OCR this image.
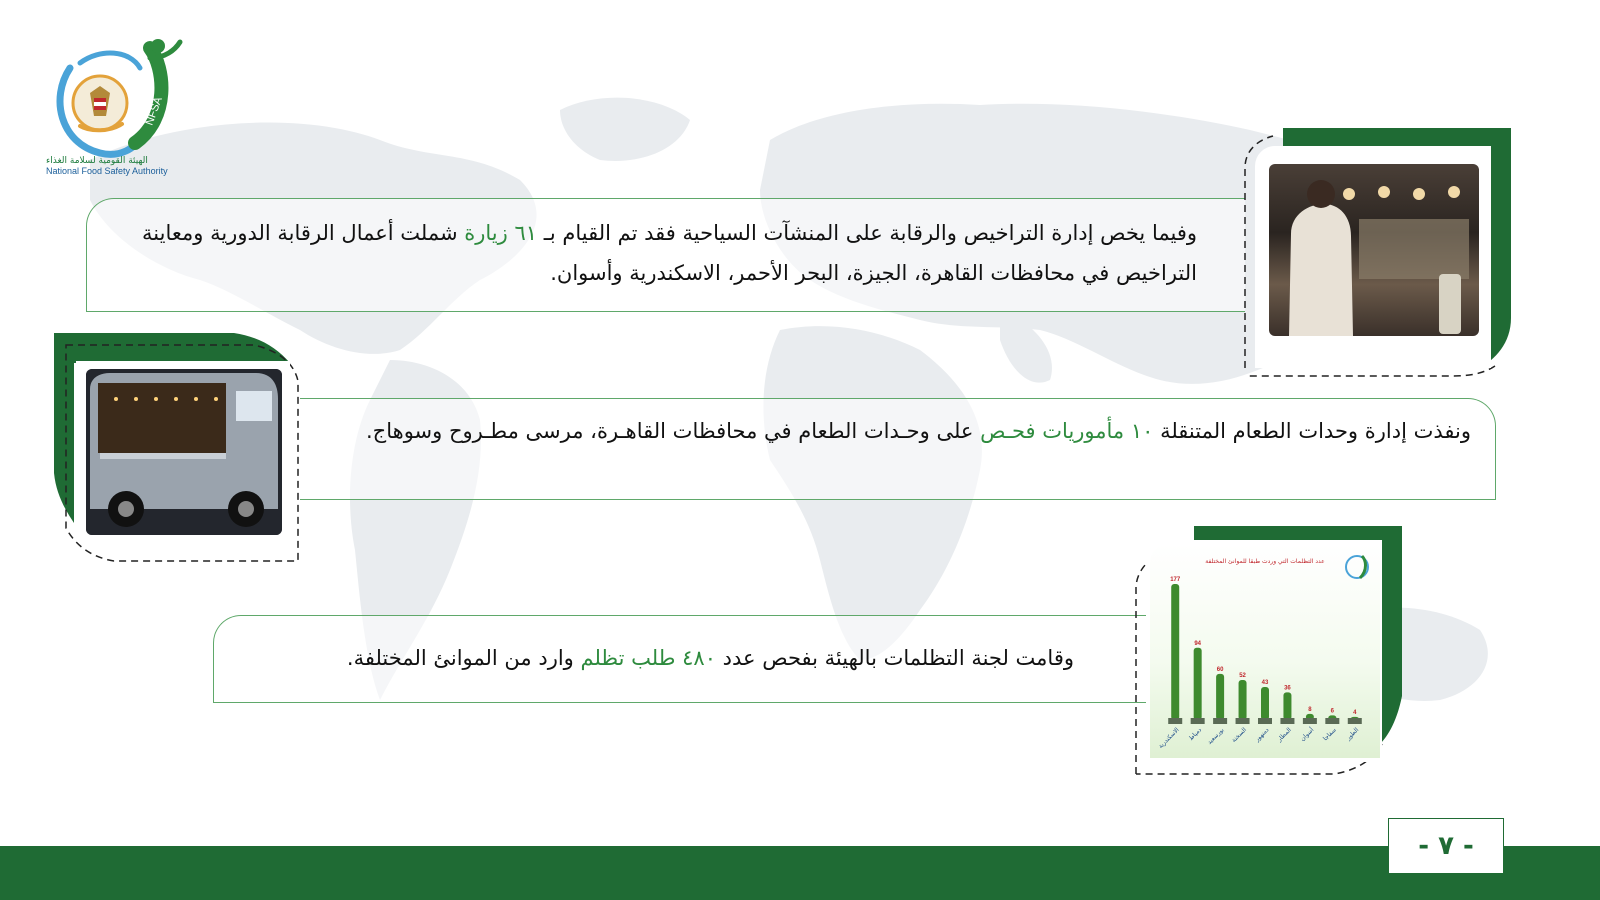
NFSA
الهيئة القومية لسلامة الغذاء
National Food Safety Authority

وفيما يخص إدارة التراخيص والرقابة على المنشآت السياحية فقد تم القيام بـ ٦١ زيارة شملت أعمال الرقابة الدورية ومعاينة التراخيص في محافظات القاهرة، الجيزة، البحر الأحمر، الاسكندرية وأسوان.

ونفذت إدارة وحدات الطعام المتنقلة ١٠ مأموريات فحـص على وحـدات الطعام في محافظات القاهـرة، مرسى مطـروح وسوهاج.

وقامت لجنة التظلمات بالهيئة بفحص عدد ٤٨٠ طلب تظلم وارد من الموانئ المختلفة.

عدد التظلمات التي وردت طبقا للموانئ المختلفة
177
الاسكندرية
94
دمياط
60
بورسعيد
52
السخنة
43
دمنهور
36
المطار
8
أسوان
6
سفاجا
4
الطور
- ٧ -
